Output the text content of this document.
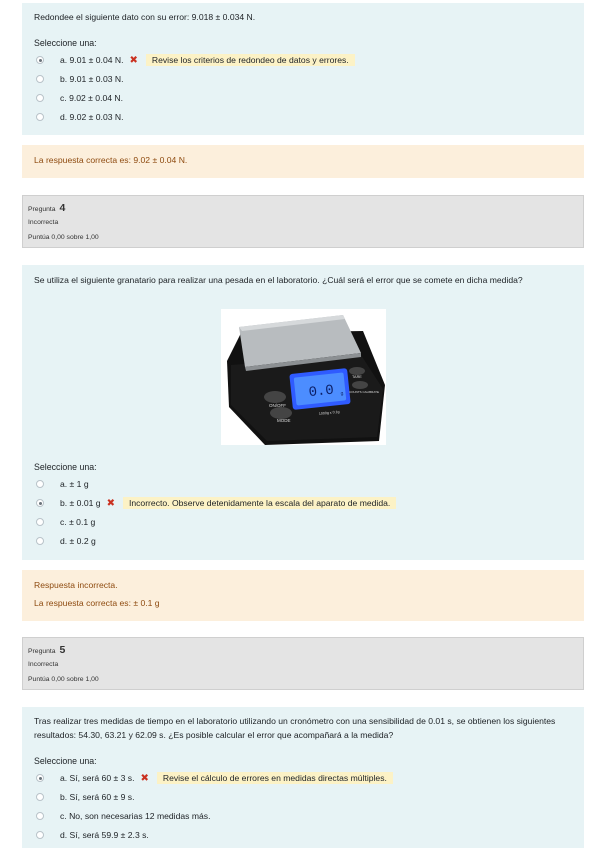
Redondee el siguiente dato con su error: 9.018 ± 0.034 N.
Seleccione una:
a. 9.01 ± 0.04 N. ✖	Revise los criterios de redondeo de datos y errores.
b. 9.01 ± 0.03 N.
c. 9.02 ± 0.04 N.
d. 9.02 ± 0.03 N.
La respuesta correcta es: 9.02 ± 0.04 N.
Pregunta 4
Incorrecta
Puntúa 0,00 sobre 1,00
Se utiliza el siguiente granatario para realizar una pesada en el laboratorio. ¿Cuál será el error que se comete en dicha medida?
0.0 g
ON/OFF
MODE
TARE
COUNTS CALIBRATE
1000g x 0.1g
Seleccione una:
a. ± 1 g
b. ± 0.01 g ✖	Incorrecto. Observe detenidamente la escala del aparato de medida.
c. ± 0.1 g
d. ± 0.2 g
Respuesta incorrecta.
La respuesta correcta es: ± 0.1 g
Pregunta 5
Incorrecta
Puntúa 0,00 sobre 1,00
Tras realizar tres medidas de tiempo en el laboratorio utilizando un cronómetro con una sensibilidad de 0.01 s, se obtienen los siguientes resultados: 54.30, 63.21 y 62.09 s. ¿Es posible calcular el error que acompañará a la medida?
Seleccione una:
a. Sí, será 60 ± 3 s. ✖	Revise el cálculo de errores en medidas directas múltiples.
b. Sí, será 60 ± 9 s.
c. No, son necesarias 12 medidas más.
d. Sí, será 59.9 ± 2.3 s.
